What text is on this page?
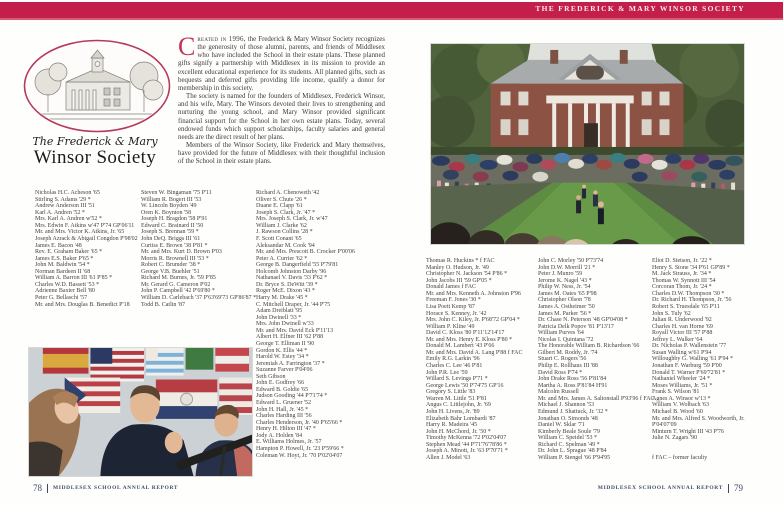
THE FREDERICK & MARY WINSOR SOCIETY
The Frederick & Mary
Winsor Society

Created in 1996, the Frederick & Mary Winsor Society recognizes the generosity of those alumni, parents, and friends of Middlesex who have included the School in their estate plans. These planned gifts signify a partnership with Middlesex in its mission to provide an excellent educational experience for its students. All planned gifts, such as bequests and deferred gifts providing life income, qualify a donor for membership in this society.

The society is named for the founders of Middlesex, Frederick Winsor, and his wife, Mary. The Winsors devoted their lives to strengthening and nurturing the young school, and Mary Winsor provided significant financial support for the School in her own estate plans. Today, several endowed funds which support scholarships, faculty salaries and general needs are the direct result of her plans.

Members of the Winsor Society, like Frederick and Mary themselves, have provided for the future of Middlesex with their thoughtful inclusion of the School in their estate plans.

Nicholas H.C. Acheson '65
Stirling S. Adams '29 *
Andrew Anderson III '51
Karl A. Andren '52 *
Mrs. Karl A. Andren w'52 *
Mrs. Edwin F. Atkins w'47 P'74 GP'06'11
Mr. and Mrs. Victor K. Atkins, Jr. '65
Joseph Azrack & Abigail Congdon P'98'02
James E. Bacon '48
Rev. E. Graham Baker '65 *
James E.S. Baker P'65 *
John M. Baldwin '54 *
Norman Bardeen II '68
William A. Barron III '61 P'85 *
Charles W.D. Bassett '53 *
Adrienne Baxter Bell '80
Peter G. Bellaschi '57
Mr. and Mrs. Douglas B. Benedict P'18
Steven W. Bingaman '75 P'11
William R. Bogert III '53
W. Lincoln Boyden '49
Oren K. Boynton '58
Joseph H. Bragdon '58 P'91
Edward C. Brainard II '50
Joseph S. Brennan '59 *
John DeQ. Briggs III '61
Curtiss E. Brown '38 P'81 *
Mr. and Mrs. Kurt D. Brown P'03
Morris R. Brownell III '53 *
Robert C. Brumder '38 *
George V.B. Buehler '51
Richard M. Burnes, Jr. '59 P'85
Mr. Gerard G. Cameron P'02
John P. Campbell '42 P'69'80 *
William D. Carlebach '37 P'63'69'73 GP'86'87 *
Todd B. Catlin '87
Richard A. Chenoweth '42
Oliver S. Chute '26 *
Duane E. Clapp '61
Joseph S. Clark, Jr. '47 *
Mrs. Joseph S. Clark, Jr. w'47
William J. Clarke '62
J. Rawson Collins '28 *
F. Scott Conant '65
Aleksandar M. Cook '94
Mr. and Mrs. Prescott B. Crocker P'00'06
Peter A. Currier '62 *
George B. Dangerfield '55 P'79'81
Holcomb Johnston Darby '96
Nathanael V. Davis '33 P'62 *
Dr. Bryce S. DeWitt '39 *
Roger McE. Dixon '43 *
Harry M. Drake '45 *
C. Mitchell Draper, Jr. '44 P'75
Adam Dreiblatt '95
John Dwinell '33 *
Mrs. John Dwinell w'33
Mr. and Mrs. David Eck P'11'13
Albert H. Elfner III '62 P'88
George T. Elliman II '90
Gordon K. Ellis '44 *
Harold W. Estey '34 *
Jeremiah A. Farrington '37 *
Suzanne Farver P'04'06
Seth Gibson
John E. Godfrey '66
Edward B. Goldie '65
Judson Gooding '44 P'71'74 *
Edward L. Gruener '52
John H. Hall, Jr. '45 *
Charles Harding III '56
Charles Henderson, Jr. '40 P'65'66 *
Henry H. Hilton III '47 *
Jody A. Holden '84
E. Williams Holmes, Jr. '57
Hampton P. Howell, Jr. '23 P'59'66 *
Coleman W. Hoyt, Jr. '70 P'02'04'07
78 MIDDLESEX SCHOOL ANNUAL REPORT
Thomas R. Huckins * f FAC
Manley O. Hudson, Jr. '49
Christopher N. Jackson '54 P'86 *
John Jacobs III '59 GP'05 *
Donald James f FAC
Mr. and Mrs. Kenneth A. Johnston P'96
Freeman F. Jones '30 *
Lisa Poett Kemp '87
Horace S. Kenney, Jr. '42
Mrs. John C. Kiley, Jr. P'68'72 GP'04 *
William P. Kline '49
David C. Kloss '80 P'11'12'14'17
Mr. and Mrs. Henry E. Kloss P'80 *
Donald M. Lambert '43 P'66
Mr. and Mrs. David A. Lang P'88 f FAC
Emily R.G. Larkin '96
Charles C. Lee '46 P'81
John P.R. Lee '59
Willard S. Levings P'71 *
George Lewis '50 P'74'75 GP'16
Gregory S. Little '83
Warren M. Little '51 P'81
Angus C. Littlejohn, Jr. '69
John H. Livens, Jr. '89
Elizabeth Bahr Lombardi '87
Harry R. Madeira '45
John H. McChord, Jr. '50 *
Timothy McKenna '72 P'02'04'07
Stephen Mead '44 P'71'76'78'86 *
Joseph A. Minott, Jr. '63 P'70'71 *
Allen J. Model '63
John C. Morley '50 P'73'74
John D.W. Morrill '21 *
Peter J. Munro '59
Jerome K. Nagel '43 *
Philip W. Ness, Jr. '54
James M. Oates '65 P'98
Christopher Olson '78
James A. Ostheimer '50
James M. Parker '56 *
Dr. Chase N. Peterson '48 GP'04'08 *
Patricia Delk Popov '81 P'13'17
William Purves '64
Nicolas I. Quintana '72
The Honorable William B. Richardson '66
Gilbert M. Roddy, Jr. '74
Stuart C. Rogers '56
Philip E. Rollhaus III '88
David Ross P'74 *
John Drake Ross '56 P'81'84
Martha A. Ross P'81'84 H'91
Malcolm Russell
Mr. and Mrs. James A. Saltonstall P'93'96 f FAC
Michael J. Shannon '53
Edmund J. Shattuck, Jr. '32 *
Jonathan O. Simonds '48
Daniel W. Sklar '71
Kimberly Beale Soule '79
William C. Speidel '53 *
Richard C. Spelman '49 *
Dr. John L. Sprague '48 P'84
William P. Stengel '66 P'94'95
Eliot D. Stetson, Jr. '22 *
Henry S. Stone '34 P'61 GP'89 *
M. Jack Strauss, Jr. '34 *
Thomas W. Synnott III '54
Corcoran Thom, Jr. '24 *
Charles D.W. Thompson '30 *
Dr. Richard H. Thompson, Jr. '56
Robert S. Truesdale '65 P'11
John S. Tuly '62
Julian R. Underwood '92
Charles H. van Horne '69
Royall Victor III '57 P'88
Jeffrey L. Walker '64
Dr. Nicholas P. Wallenstein '77
Susan Walling w'61 P'94
Willoughby G. Walling '61 P'94 *
Jonathan F. Warburg '59 P'00
Donald T. Warner P'69'72'81 *
Nathaniel Wheeler '24 *
Moses Williams, Jr. '51 *
Frank S. Wilson '81
Agnes A. Winsor w'13 *
William V. Wolbach '63
Michael B. Wood '60
Mr. and Mrs. Alfred S. Woodworth, Jr. P'04'07'09
Minturn T. Wright III '43 P'76
Julie N. Zagars '90
f FAC – former faculty
MIDDLESEX SCHOOL ANNUAL REPORT 79
